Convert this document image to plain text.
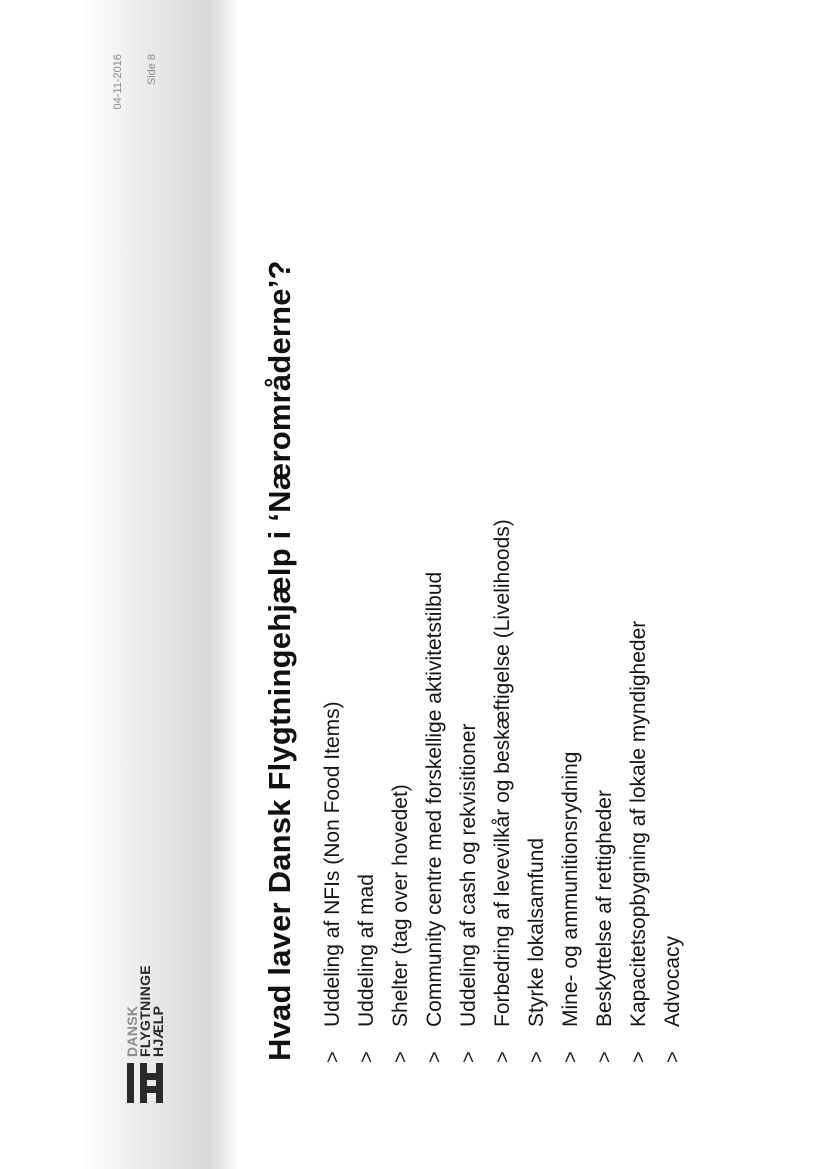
DANSK
FLYGTNINGE
HJÆLP
04-11-2016 Side 8
Hvad laver Dansk Flygtningehjælp i ‘Nærområderne’? >
Uddeling af NFIs (Non Food Items)
>
Uddeling af mad
>
Shelter (tag over hovedet)
>
Community centre med forskellige aktivitetstilbud
>
Uddeling af cash og rekvisitioner
>
Forbedring af levevilkår og beskæftigelse (Livelihoods)
>
Styrke lokalsamfund
>
Mine- og ammunitionsrydning
>
Beskyttelse af rettigheder
>
Kapacitetsopbygning af lokale myndigheder
>
Advocacy
